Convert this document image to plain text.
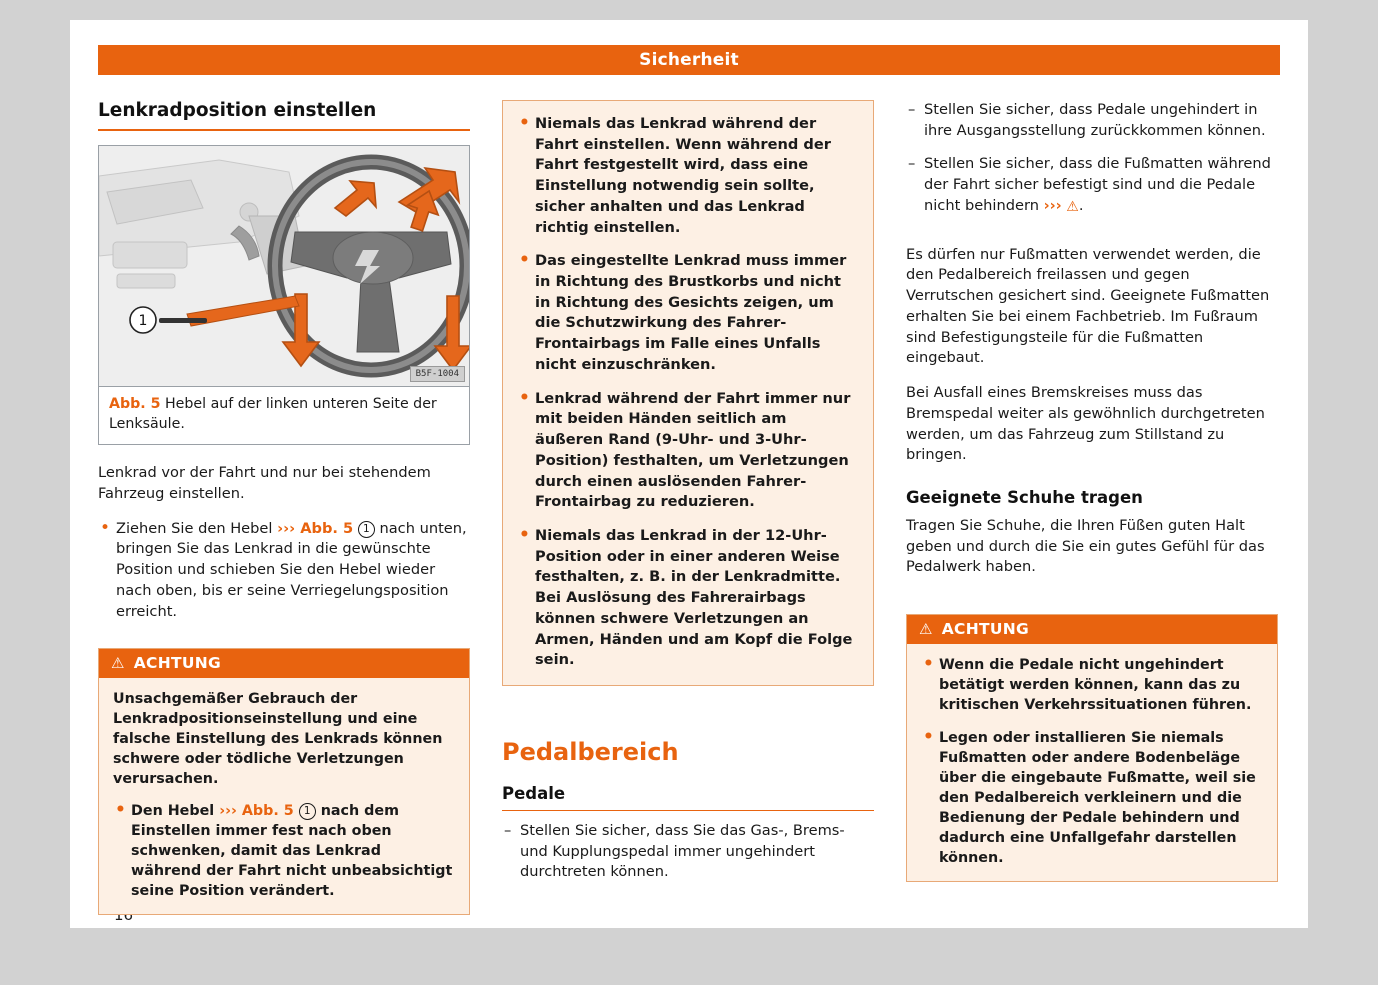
Sicherheit
Lenkradposition einstellen
1
B5F-1004
Abb. 5 Hebel auf der linken unteren Seite der Lenksäule.

Lenkrad vor der Fahrt und nur bei stehendem Fahrzeug einstellen.

• Ziehen Sie den Hebel ››› Abb. 5 1 nach unten, bringen Sie das Lenkrad in die gewünschte Position und schieben Sie den Hebel wieder nach oben, bis er seine Verriegelungsposition erreicht.
⚠ ACHTUNG

Unsachgemäßer Gebrauch der Lenkradpositionseinstellung und eine falsche Einstellung des Lenkrads können schwere oder tödliche Verletzungen verursachen.

• Den Hebel ››› Abb. 5 1 nach dem Einstellen immer fest nach oben schwenken, damit das Lenkrad während der Fahrt nicht unbeabsichtigt seine Position verändert.
• Niemals das Lenkrad während der Fahrt einstellen. Wenn während der Fahrt festgestellt wird, dass eine Einstellung notwendig sein sollte, sicher anhalten und das Lenkrad richtig einstellen.
• Das eingestellte Lenkrad muss immer in Richtung des Brustkorbs und nicht in Richtung des Gesichts zeigen, um die Schutzwirkung des Fahrer-Frontairbags im Falle eines Unfalls nicht einzuschränken.
• Lenkrad während der Fahrt immer nur mit beiden Händen seitlich am äußeren Rand (9-Uhr- und 3-Uhr-Position) festhalten, um Verletzungen durch einen auslösenden Fahrer-Frontairbag zu reduzieren.
• Niemals das Lenkrad in der 12-Uhr-Position oder in einer anderen Weise festhalten, z. B. in der Lenkradmitte. Bei Auslösung des Fahrerairbags können schwere Verletzungen an Armen, Händen und am Kopf die Folge sein.
Pedalbereich
Pedale
– Stellen Sie sicher, dass Sie das Gas-, Brems- und Kupplungspedal immer ungehindert durchtreten können.
– Stellen Sie sicher, dass Pedale ungehindert in ihre Ausgangsstellung zurückkommen können.
– Stellen Sie sicher, dass die Fußmatten während der Fahrt sicher befestigt sind und die Pedale nicht behindern ››› ⚠.

Es dürfen nur Fußmatten verwendet werden, die den Pedalbereich freilassen und gegen Verrutschen gesichert sind. Geeignete Fußmatten erhalten Sie bei einem Fachbetrieb. Im Fußraum sind Befestigungsteile für die Fußmatten eingebaut.

Bei Ausfall eines Bremskreises muss das Bremspedal weiter als gewöhnlich durchgetreten werden, um das Fahrzeug zum Stillstand zu bringen.

Geeignete Schuhe tragen

Tragen Sie Schuhe, die Ihren Füßen guten Halt geben und durch die Sie ein gutes Gefühl für das Pedalwerk haben.

⚠ ACHTUNG
• Wenn die Pedale nicht ungehindert betätigt werden können, kann das zu kritischen Verkehrssituationen führen.
• Legen oder installieren Sie niemals Fußmatten oder andere Bodenbeläge über die eingebaute Fußmatte, weil sie den Pedalbereich verkleinern und die Bedienung der Pedale behindern und dadurch eine Unfallgefahr darstellen können.
